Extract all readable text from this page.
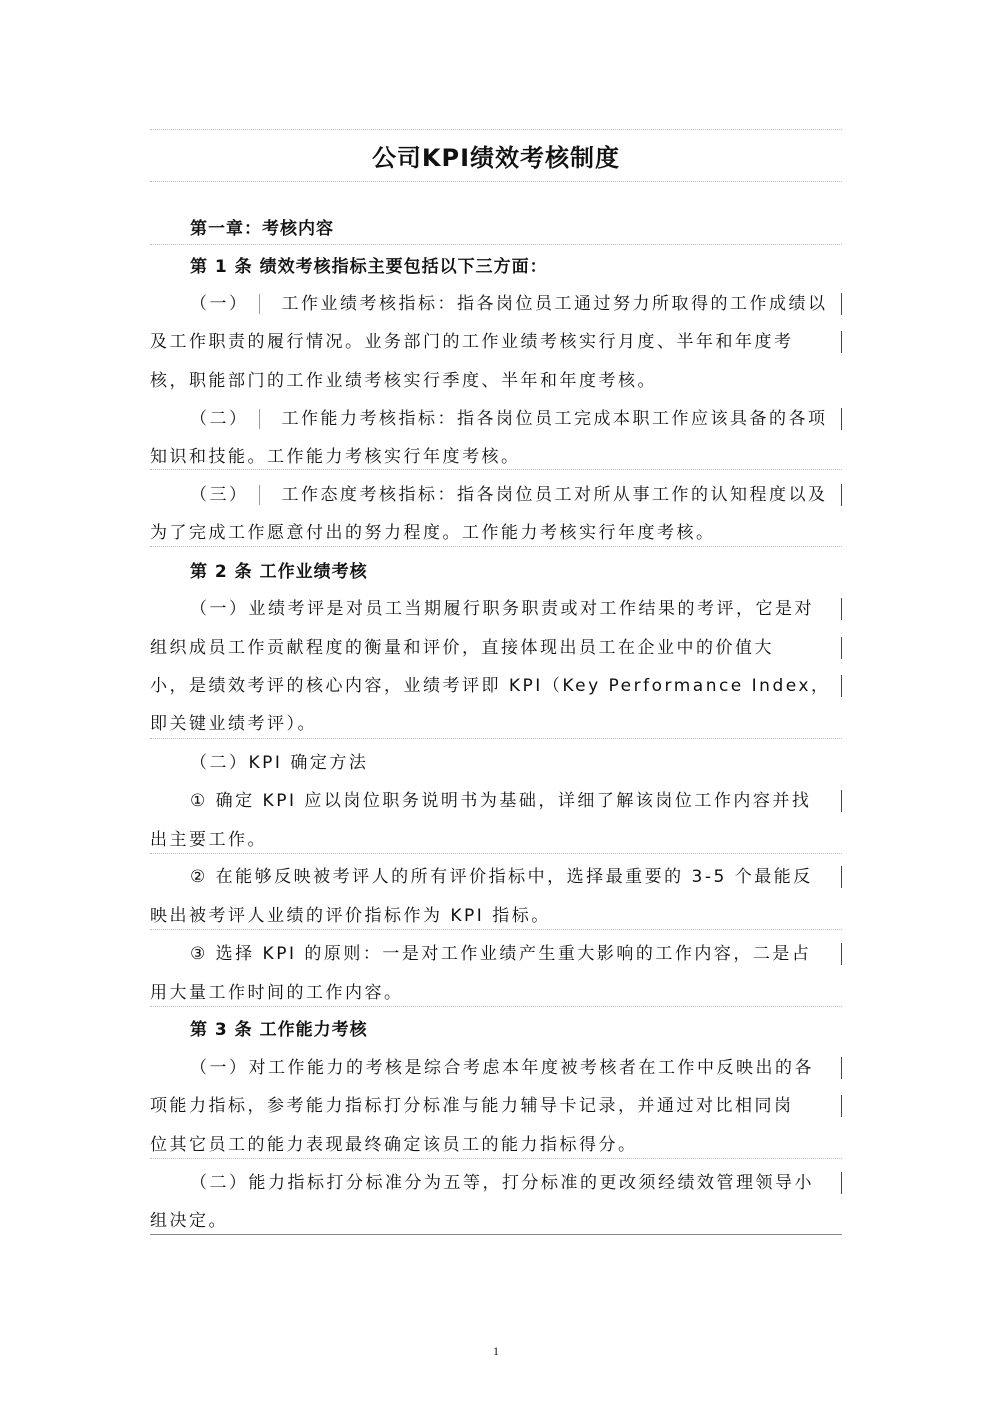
公司KPI绩效考核制度
第一章：考核内容
第 1 条 绩效考核指标主要包括以下三方面：
（一） 工作业绩考核指标：指各岗位员工通过努力所取得的工作成绩以
及工作职责的履行情况。业务部门的工作业绩考核实行月度、半年和年度考
核，职能部门的工作业绩考核实行季度、半年和年度考核。
（二） 工作能力考核指标：指各岗位员工完成本职工作应该具备的各项
知识和技能。工作能力考核实行年度考核。
（三） 工作态度考核指标：指各岗位员工对所从事工作的认知程度以及
为了完成工作愿意付出的努力程度。工作能力考核实行年度考核。
第 2 条 工作业绩考核
（一）业绩考评是对员工当期履行职务职责或对工作结果的考评，它是对
组织成员工作贡献程度的衡量和评价，直接体现出员工在企业中的价值大
小，是绩效考评的核心内容，业绩考评即 KPI（Key Performance Index，
即关键业绩考评）。
（二）KPI 确定方法
① 确定 KPI 应以岗位职务说明书为基础，详细了解该岗位工作内容并找
出主要工作。
② 在能够反映被考评人的所有评价指标中，选择最重要的 3-5 个最能反
映出被考评人业绩的评价指标作为 KPI 指标。
③ 选择 KPI 的原则：一是对工作业绩产生重大影响的工作内容，二是占
用大量工作时间的工作内容。
第 3 条 工作能力考核
（一）对工作能力的考核是综合考虑本年度被考核者在工作中反映出的各
项能力指标，参考能力指标打分标准与能力辅导卡记录，并通过对比相同岗
位其它员工的能力表现最终确定该员工的能力指标得分。
（二）能力指标打分标准分为五等，打分标准的更改须经绩效管理领导小
组决定。
1
